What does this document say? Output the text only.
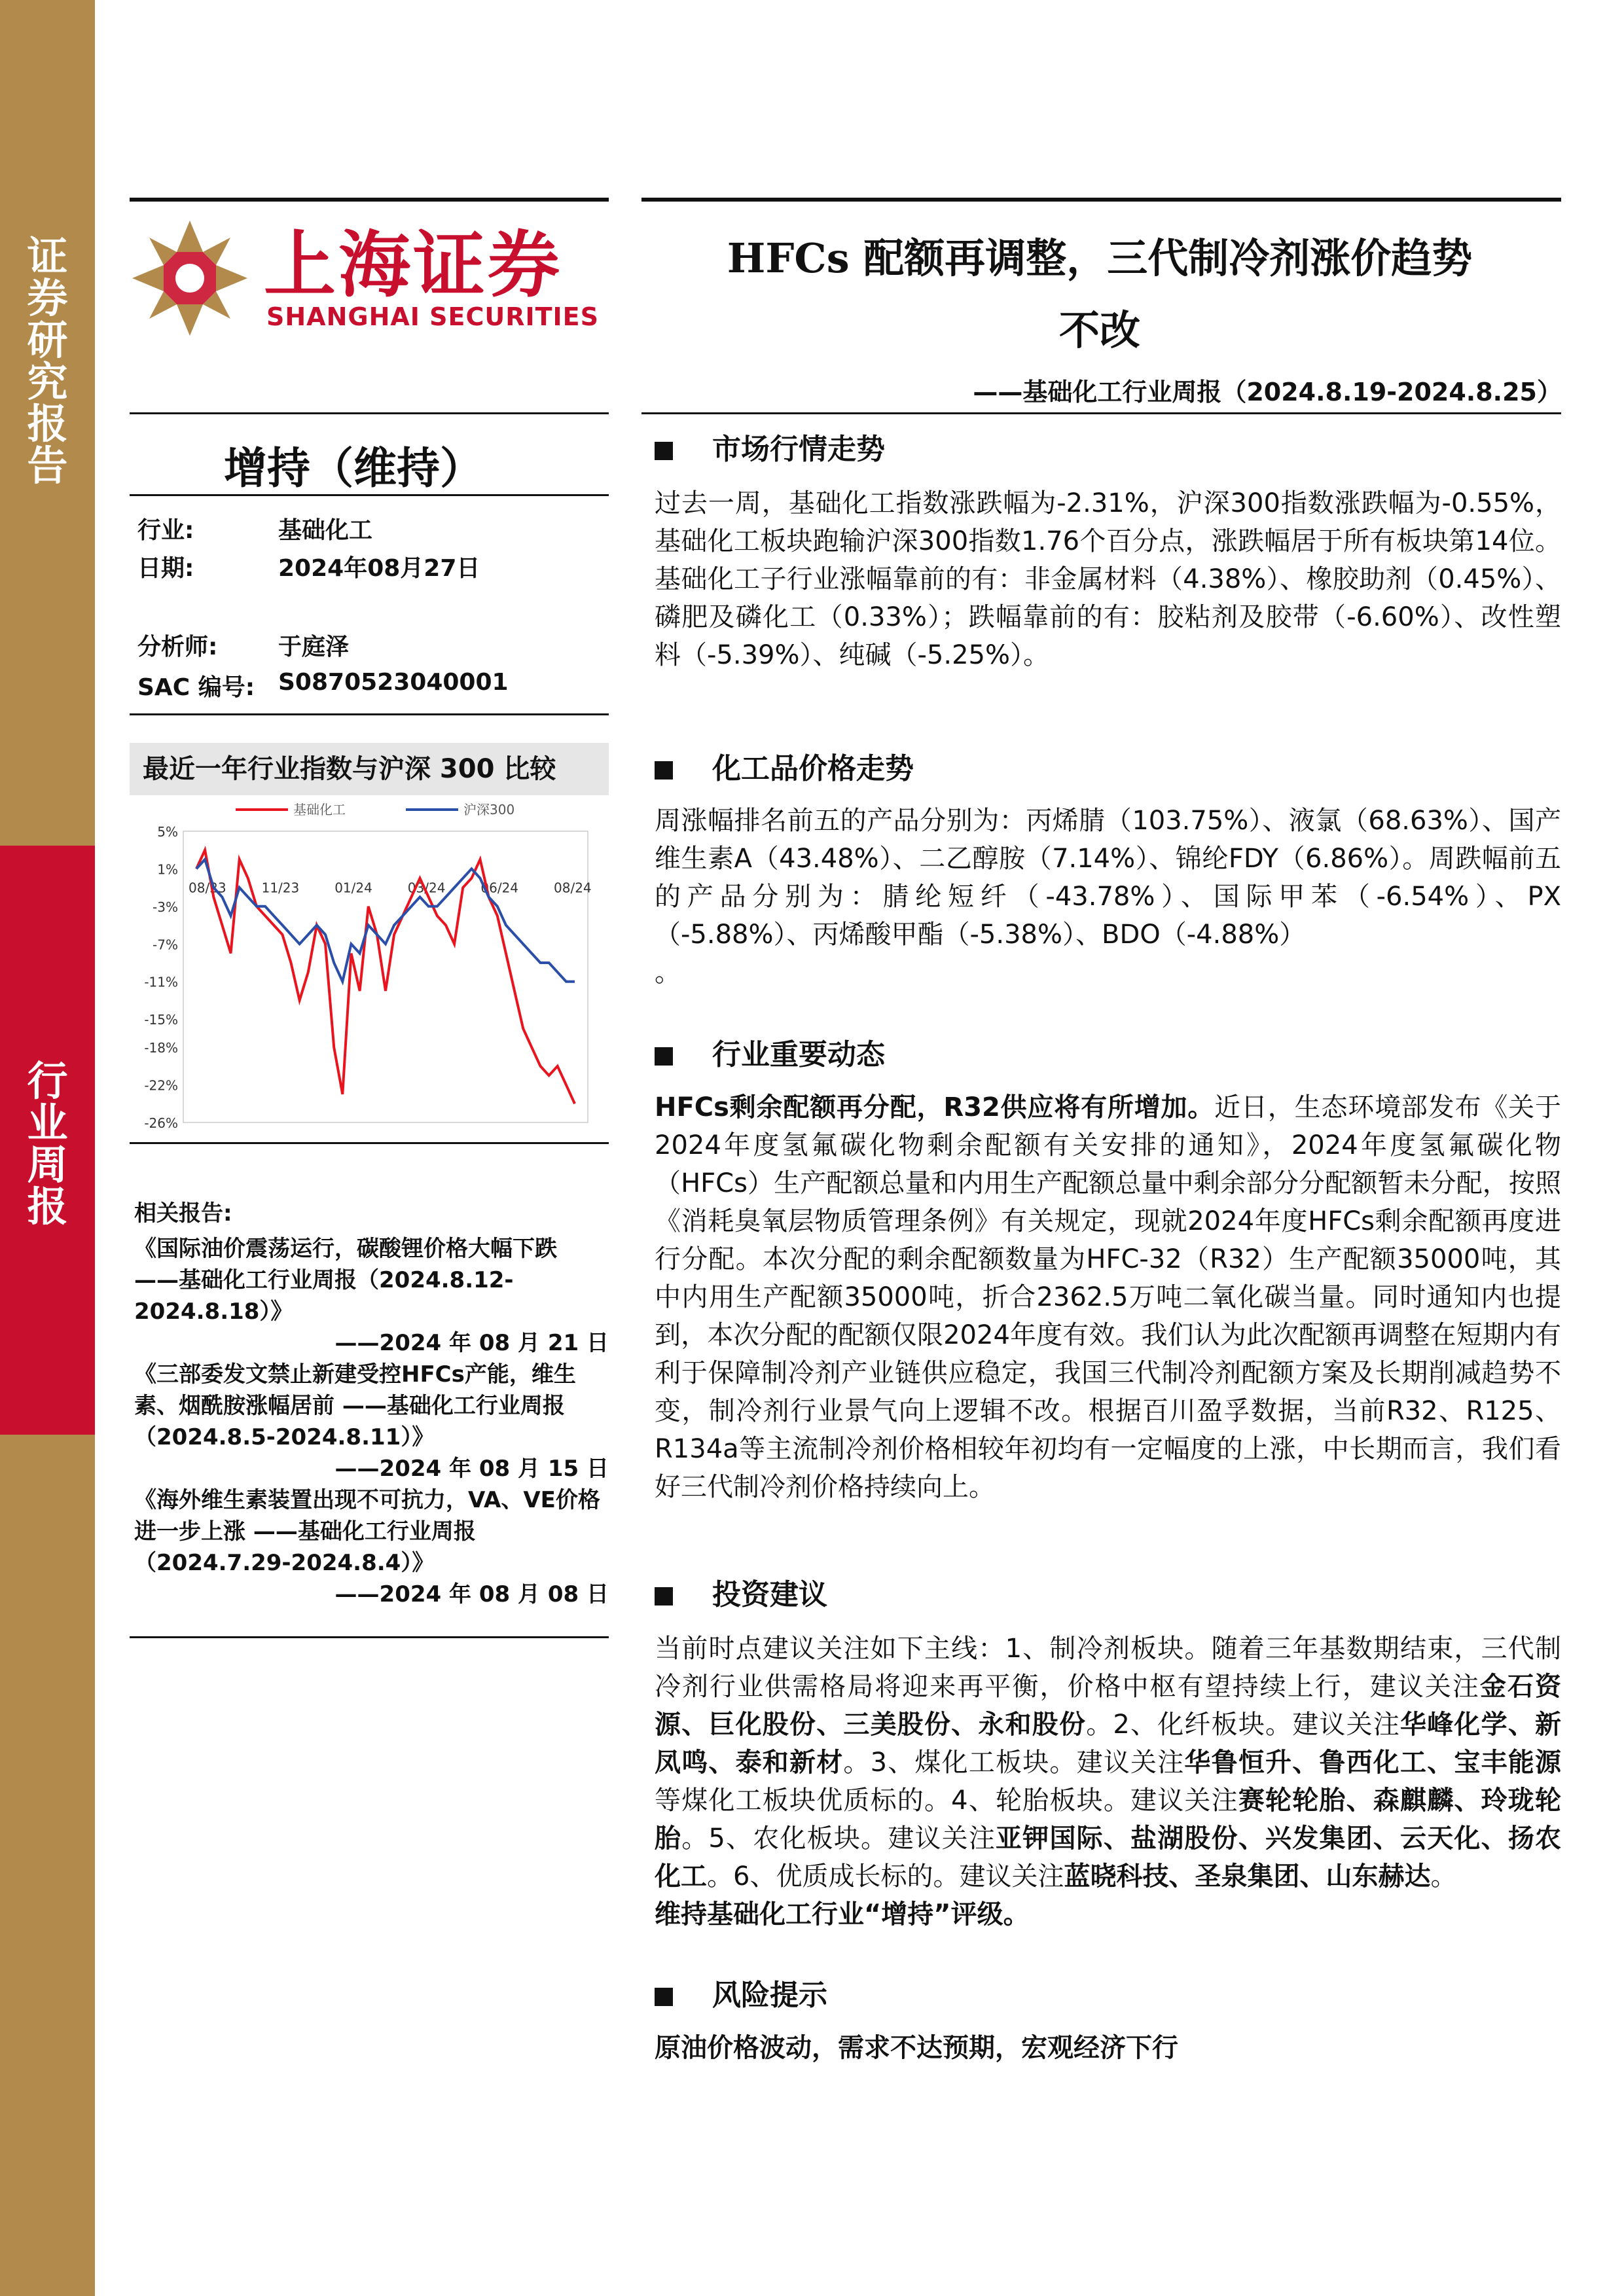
证
券
研
究
报
告
行
业
周
报
上海证券
SHANGHAI SECURITIES
HFCs 配额再调整，三代制冷剂涨价趋势
不改
——基础化工行业周报（2024.8.19-2024.8.25）
增持（维持）
行业:	基础化工
日期:	2024年08月27日
分析师:	于庭泽
SAC 编号: S0870523040001
最近一年行业指数与沪深 300 比较
5%
1%
-3%
-7%
-11%
-15%
-18%
-22%
-26%
08/23	11/23	01/24	03/24	06/24	08/24
基础化工	沪深300
相关报告:
《国际油价震荡运行，碳酸锂价格大幅下跌 ——基础化工行业周报（2024.8.12-2024.8.18）》
——2024 年 08 月 21 日
《三部委发文禁止新建受控HFCs产能，维生素、烟酰胺涨幅居前 ——基础化工行业周报（2024.8.5-2024.8.11）》
——2024 年 08 月 15 日
《海外维生素装置出现不可抗力，VA、VE价格进一步上涨 ——基础化工行业周报（2024.7.29-2024.8.4）》
——2024 年 08 月 08 日
市场行情走势
过去一周，基础化工指数涨跌幅为-2.31%，沪深300指数涨跌幅为-0.55%，基础化工板块跑输沪深300指数1.76个百分点，涨跌幅居于所有板块第14位。基础化工子行业涨幅靠前的有：非金属材料（4.38%）、橡胶助剂（0.45%）、磷肥及磷化工（0.33%）；跌幅靠前的有：胶粘剂及胶带（-6.60%）、改性塑料（-5.39%）、纯碱（-5.25%）。
化工品价格走势
周涨幅排名前五的产品分别为：丙烯腈（103.75%）、液氯（68.63%）、国产维生素A（43.48%）、二乙醇胺（7.14%）、锦纶FDY（6.86%）。周跌幅前五的产品分别为：腈纶短纤（-43.78%）、国际甲苯（-6.54%）、PX（-5.88%）、丙烯酸甲酯（-5.38%）、BDO（-4.88%）
。
行业重要动态
HFCs剩余配额再分配，R32供应将有所增加。近日，生态环境部发布《关于2024年度氢氟碳化物剩余配额有关安排的通知》，2024年度氢氟碳化物（HFCs）生产配额总量和内用生产配额总量中剩余部分分配额暂未分配，按照《消耗臭氧层物质管理条例》有关规定，现就2024年度HFCs剩余配额再度进行分配。本次分配的剩余配额数量为HFC-32（R32）生产配额35000吨，其中内用生产配额35000吨，折合2362.5万吨二氧化碳当量。同时通知内也提到，本次分配的配额仅限2024年度有效。我们认为此次配额再调整在短期内有利于保障制冷剂产业链供应稳定，我国三代制冷剂配额方案及长期削减趋势不变，制冷剂行业景气向上逻辑不改。根据百川盈孚数据，当前R32、R125、R134a等主流制冷剂价格相较年初均有一定幅度的上涨，中长期而言，我们看好三代制冷剂价格持续向上。
投资建议
当前时点建议关注如下主线：1、制冷剂板块。随着三年基数期结束，三代制冷剂行业供需格局将迎来再平衡，价格中枢有望持续上行，建议关注金石资源、巨化股份、三美股份、永和股份。2、化纤板块。建议关注华峰化学、新凤鸣、泰和新材。3、煤化工板块。建议关注华鲁恒升、鲁西化工、宝丰能源等煤化工板块优质标的。4、轮胎板块。建议关注赛轮轮胎、森麒麟、玲珑轮胎。5、农化板块。建议关注亚钾国际、盐湖股份、兴发集团、云天化、扬农化工。6、优质成长标的。建议关注蓝晓科技、圣泉集团、山东赫达。
维持基础化工行业“增持”评级。
风险提示
原油价格波动，需求不达预期，宏观经济下行
